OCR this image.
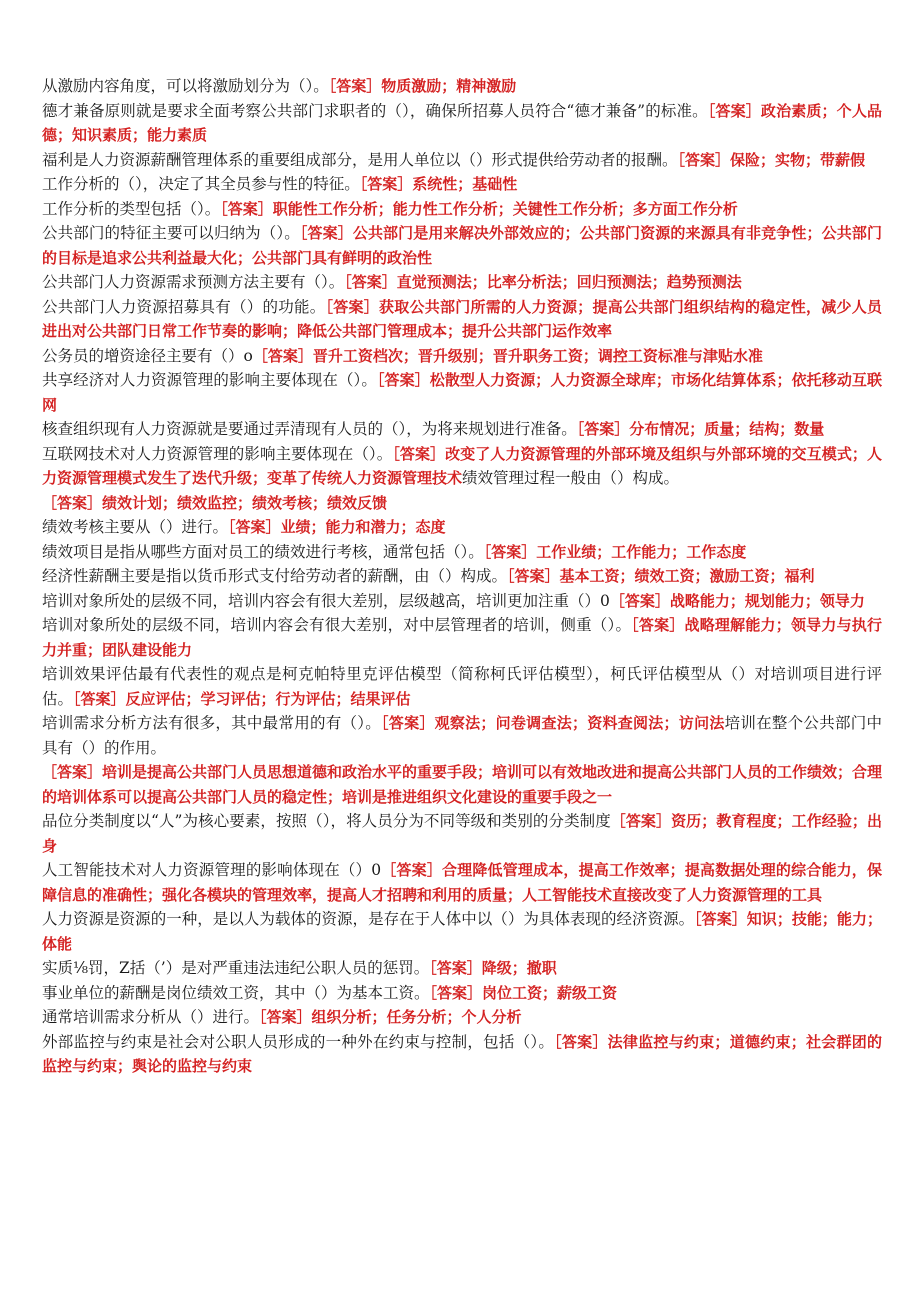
从激励内容角度，可以将激励划分为（）。［答案］物质激励；精神激励

德才兼备原则就是要求全面考察公共部门求职者的（），确保所招募人员符合“德才兼备”的标准。［答案］政治素质；个人品德；知识素质；能力素质

福利是人力资源薪酬管理体系的重要组成部分，是用人单位以（）形式提供给劳动者的报酬。［答案］保险；实物；带薪假

工作分析的（），决定了其全员参与性的特征。［答案］系统性；基础性

工作分析的类型包括（）。［答案］职能性工作分析；能力性工作分析；关键性工作分析；多方面工作分析

公共部门的特征主要可以归纳为（）。［答案］公共部门是用来解决外部效应的；公共部门资源的来源具有非竞争性；公共部门的目标是追求公共利益最大化；公共部门具有鲜明的政治性

公共部门人力资源需求预测方法主要有（）。［答案］直觉预测法；比率分析法；回归预测法；趋势预测法

公共部门人力资源招募具有（）的功能。［答案］获取公共部门所需的人力资源；提高公共部门组织结构的稳定性，减少人员进出对公共部门日常工作节奏的影响；降低公共部门管理成本；提升公共部门运作效率

公务员的增资途径主要有（）o［答案］晋升工资档次；晋升级别；晋升职务工资；调控工资标准与津贴水准

共享经济对人力资源管理的影响主要体现在（）。［答案］松散型人力资源；人力资源全球库；市场化结算体系；依托移动互联网

核查组织现有人力资源就是要通过弄清现有人员的（），为将来规划进行准备。［答案］分布情况；质量；结构；数量

互联网技术对人力资源管理的影响主要体现在（）。［答案］改变了人力资源管理的外部环境及组织与外部环境的交互模式；人力资源管理模式发生了迭代升级；变革了传统人力资源管理技术绩效管理过程一般由（）构成。

［答案］绩效计划；绩效监控；绩效考核；绩效反馈

绩效考核主要从（）进行。［答案］业绩；能力和潜力；态度

绩效项目是指从哪些方面对员工的绩效进行考核，通常包括（）。［答案］工作业绩；工作能力；工作态度

经济性薪酬主要是指以货币形式支付给劳动者的薪酬，由（）构成。［答案］基本工资；绩效工资；激励工资；福利

培训对象所处的层级不同，培训内容会有很大差别，层级越高，培训更加注重（）0［答案］战略能力；规划能力；领导力

培训对象所处的层级不同，培训内容会有很大差别，对中层管理者的培训，侧重（）。［答案］战略理解能力；领导力与执行力并重；团队建设能力

培训效果评估最有代表性的观点是柯克帕特里克评估模型（简称柯氏评估模型），柯氏评估模型从（）对培训项目进行评估。［答案］反应评估；学习评估；行为评估；结果评估

培训需求分析方法有很多，其中最常用的有（）。［答案］观察法；问卷调查法；资料查阅法；访问法培训在整个公共部门中具有（）的作用。

［答案］培训是提高公共部门人员思想道德和政治水平的重要手段；培训可以有效地改进和提高公共部门人员的工作绩效；合理的培训体系可以提高公共部门人员的稳定性；培训是推进组织文化建设的重要手段之一

品位分类制度以“人”为核心要素，按照（），将人员分为不同等级和类别的分类制度［答案］资历；教育程度；工作经验；出身

人工智能技术对人力资源管理的影响体现在（）0［答案］合理降低管理成本，提高工作效率；提高数据处理的综合能力，保障信息的准确性；强化各模块的管理效率，提高人才招聘和利用的质量；人工智能技术直接改变了人力资源管理的工具

人力资源是资源的一种，是以人为载体的资源，是存在于人体中以（）为具体表现的经济资源。［答案］知识；技能；能力；体能

实质⅛罚，Z括（’）是对严重违法违纪公职人员的惩罚。［答案］降级；撤职

事业单位的薪酬是岗位绩效工资，其中（）为基本工资。［答案］岗位工资；薪级工资

通常培训需求分析从（）进行。［答案］组织分析；任务分析；个人分析

外部监控与约束是社会对公职人员形成的一种外在约束与控制，包括（）。［答案］法律监控与约束；道德约束；社会群团的监控与约束；舆论的监控与约束
